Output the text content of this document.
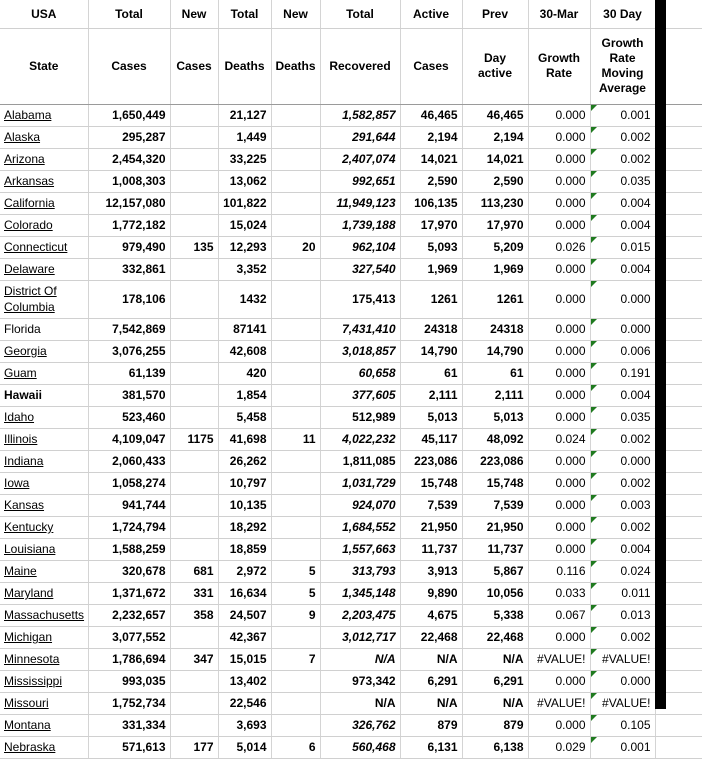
USA	Total	New	Total	New	Total	Active	Prev	30-Mar	30 Day	
State	Cases	Cases	Deaths	Deaths	Recovered	Cases	Day active	Growth Rate	Growth Rate Moving Average	
Alabama	1,650,449		21,127		1,582,857	46,465	46,465	0.000	0.001

Alaska	295,287		1,449		291,644	2,194	2,194	0.000	0.002

Arizona	2,454,320		33,225		2,407,074	14,021	14,021	0.000	0.002

Arkansas	1,008,303		13,062		992,651	2,590	2,590	0.000	0.035

California	12,157,080		101,822		11,949,123	106,135	113,230	0.000	0.004

Colorado	1,772,182		15,024		1,739,188	17,970	17,970	0.000	0.004

Connecticut	979,490	135	12,293	20	962,104	5,093	5,209	0.026	0.015

Delaware	332,861		3,352		327,540	1,969	1,969	0.000	0.004

District Of Columbia	178,106		1432		175,413	1261	1261	0.000	0.000

Florida	7,542,869		87141		7,431,410	24318	24318	0.000	0.000

Georgia	3,076,255		42,608		3,018,857	14,790	14,790	0.000	0.006

Guam	61,139		420		60,658	61	61	0.000	0.191

Hawaii	381,570		1,854		377,605	2,111	2,111	0.000	0.004

Idaho	523,460		5,458		512,989	5,013	5,013	0.000	0.035

Illinois	4,109,047	1175	41,698	11	4,022,232	45,117	48,092	0.024	0.002

Indiana	2,060,433		26,262		1,811,085	223,086	223,086	0.000	0.000

Iowa	1,058,274		10,797		1,031,729	15,748	15,748	0.000	0.002

Kansas	941,744		10,135		924,070	7,539	7,539	0.000	0.003

Kentucky	1,724,794		18,292		1,684,552	21,950	21,950	0.000	0.002

Louisiana	1,588,259		18,859		1,557,663	11,737	11,737	0.000	0.004

Maine	320,678	681	2,972	5	313,793	3,913	5,867	0.116	0.024

Maryland	1,371,672	331	16,634	5	1,345,148	9,890	10,056	0.033	0.011

Massachusetts	2,232,657	358	24,507	9	2,203,475	4,675	5,338	0.067	0.013

Michigan	3,077,552		42,367		3,012,717	22,468	22,468	0.000	0.002

Minnesota	1,786,694	347	15,015	7	N/A	N/A	N/A	#VALUE!	#VALUE!

Mississippi	993,035		13,402		973,342	6,291	6,291	0.000	0.000

Missouri	1,752,734		22,546		N/A	N/A	N/A	#VALUE!	#VALUE!

Montana	331,334		3,693		326,762	879	879	0.000	0.105

Nebraska	571,613	177	5,014	6	560,468	6,131	6,138	0.029	0.001
